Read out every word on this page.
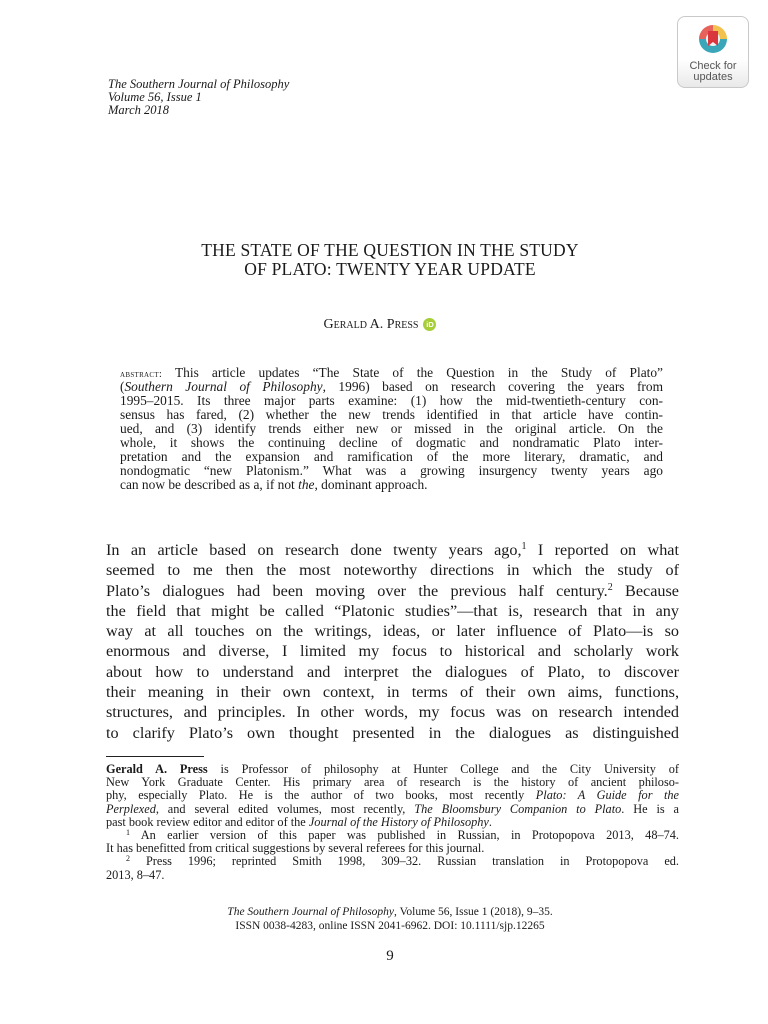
Check for
updates
The Southern Journal of Philosophy
Volume 56, Issue 1
March 2018
THE STATE OF THE QUESTION IN THE STUDY
OF PLATO: TWENTY YEAR UPDATE
Gerald A. Press iD
abstract: This article updates “The State of the Question in the Study of Plato”
(Southern Journal of Philosophy, 1996) based on research covering the years from
1995–2015. Its three major parts examine: (1) how the mid-twentieth-century con-
sensus has fared, (2) whether the new trends identified in that article have contin-
ued, and (3) identify trends either new or missed in the original article. On the
whole, it shows the continuing decline of dogmatic and nondramatic Plato inter-
pretation and the expansion and ramification of the more literary, dramatic, and
nondogmatic “new Platonism.” What was a growing insurgency twenty years ago
can now be described as a, if not the, dominant approach.
In an article based on research done twenty years ago,$^1$ I reported on what
seemed to me then the most noteworthy directions in which the study of
Plato’s dialogues had been moving over the previous half century.$^2$ Because
the field that might be called “Platonic studies”—that is, research that in any
way at all touches on the writings, ideas, or later influence of Plato—is so
enormous and diverse, I limited my focus to historical and scholarly work
about how to understand and interpret the dialogues of Plato, to discover
their meaning in their own context, in terms of their own aims, functions,
structures, and principles. In other words, my focus was on research intended
to clarify Plato’s own thought presented in the dialogues as distinguished
Gerald A. Press is Professor of philosophy at Hunter College and the City University of
New York Graduate Center. His primary area of research is the history of ancient philoso-
phy, especially Plato. He is the author of two books, most recently Plato: A Guide for the
Perplexed, and several edited volumes, most recently, The Bloomsbury Companion to Plato. He is a
past book review editor and editor of the Journal of the History of Philosophy.
$^1$ An earlier version of this paper was published in Russian, in Protopopova 2013, 48–74.
It has benefitted from critical suggestions by several referees for this journal.
$^2$ Press 1996; reprinted Smith 1998, 309–32. Russian translation in Protopopova ed.
2013, 8–47.
The Southern Journal of Philosophy, Volume 56, Issue 1 (2018), 9–35.
ISSN 0038-4283, online ISSN 2041-6962. DOI: 10.1111/sjp.12265
9
